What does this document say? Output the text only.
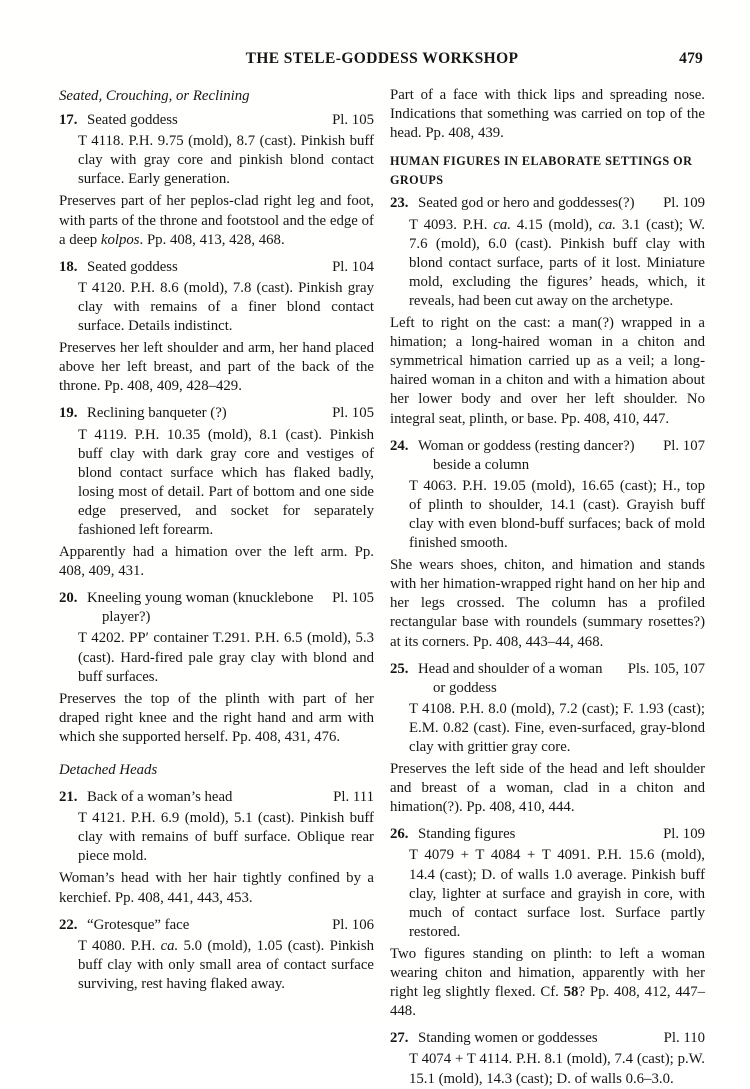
THE STELE-GODDESS WORKSHOP	479

Seated, Crouching, or Reclining

17. Seated goddess	Pl. 105

T 4118. P.H. 9.75 (mold), 8.7 (cast). Pinkish buff clay with gray core and pinkish blond contact surface. Early generation.

Preserves part of her peplos-clad right leg and foot, with parts of the throne and footstool and the edge of a deep kolpos. Pp. 408, 413, 428, 468.

18. Seated goddess	Pl. 104

T 4120. P.H. 8.6 (mold), 7.8 (cast). Pinkish gray clay with remains of a finer blond contact surface. Details indistinct.

Preserves her left shoulder and arm, her hand placed above her left breast, and part of the back of the throne. Pp. 408, 409, 428–429.

19. Reclining banqueter (?)	Pl. 105

T 4119. P.H. 10.35 (mold), 8.1 (cast). Pinkish buff clay with dark gray core and vestiges of blond contact surface which has flaked badly, losing most of detail. Part of bottom and one side edge preserved, and socket for separately fashioned left forearm.

Apparently had a himation over the left arm. Pp. 408, 409, 431.

20. Kneeling young woman (knucklebone
player?)
Pl. 105

T 4202. PP′ container T.291. P.H. 6.5 (mold), 5.3 (cast). Hard-fired pale gray clay with blond and buff surfaces.

Preserves the top of the plinth with part of her draped right knee and the right hand and arm with which she supported herself. Pp. 408, 431, 476.

Detached Heads

21. Back of a woman’s head	Pl. 111

T 4121. P.H. 6.9 (mold), 5.1 (cast). Pinkish buff clay with remains of buff surface. Oblique rear piece mold.

Woman’s head with her hair tightly confined by a kerchief. Pp. 408, 441, 443, 453.

22. “Grotesque” face	Pl. 106

T 4080. P.H. ca. 5.0 (mold), 1.05 (cast). Pinkish buff clay with only small area of contact surface surviving, rest having flaked away.

Part of a face with thick lips and spreading nose. Indications that something was carried on top of the head. Pp. 408, 439.

HUMAN FIGURES IN ELABORATE SETTINGS OR GROUPS

23. Seated god or hero and goddesses(?)	Pl. 109

T 4093. P.H. ca. 4.15 (mold), ca. 3.1 (cast); W. 7.6 (mold), 6.0 (cast). Pinkish buff clay with blond contact surface, parts of it lost. Miniature mold, excluding the figures’ heads, which, it reveals, had been cut away on the archetype.

Left to right on the cast: a man(?) wrapped in a himation; a long-haired woman in a chiton and symmetrical himation carried up as a veil; a long-haired woman in a chiton and with a himation about her lower body and over her left shoulder. No integral seat, plinth, or base. Pp. 408, 410, 447.

24. Woman or goddess (resting dancer?)
beside a column
Pl. 107

T 4063. P.H. 19.05 (mold), 16.65 (cast); H., top of plinth to shoulder, 14.1 (cast). Grayish buff clay with even blond-buff surfaces; back of mold finished smooth.

She wears shoes, chiton, and himation and stands with her himation-wrapped right hand on her hip and her legs crossed. The column has a profiled rectangular base with roundels (summary rosettes?) at its corners. Pp. 408, 443–44, 468.

25. Head and shoulder of a woman
or goddess
Pls. 105, 107

T 4108. P.H. 8.0 (mold), 7.2 (cast); F. 1.93 (cast); E.M. 0.82 (cast). Fine, even-surfaced, gray-blond clay with grittier gray core.

Preserves the left side of the head and left shoulder and breast of a woman, clad in a chiton and himation(?). Pp. 408, 410, 444.

26. Standing figures	Pl. 109

T 4079 + T 4084 + T 4091. P.H. 15.6 (mold), 14.4 (cast); D. of walls 1.0 average. Pinkish buff clay, lighter at surface and grayish in core, with much of contact surface lost. Surface partly restored.

Two figures standing on plinth: to left a woman wearing chiton and himation, apparently with her right leg slightly flexed. Cf. 58? Pp. 408, 412, 447–448.

27. Standing women or goddesses	Pl. 110

T 4074 + T 4114. P.H. 8.1 (mold), 7.4 (cast); p.W. 15.1 (mold), 14.3 (cast); D. of walls 0.6–3.0.
